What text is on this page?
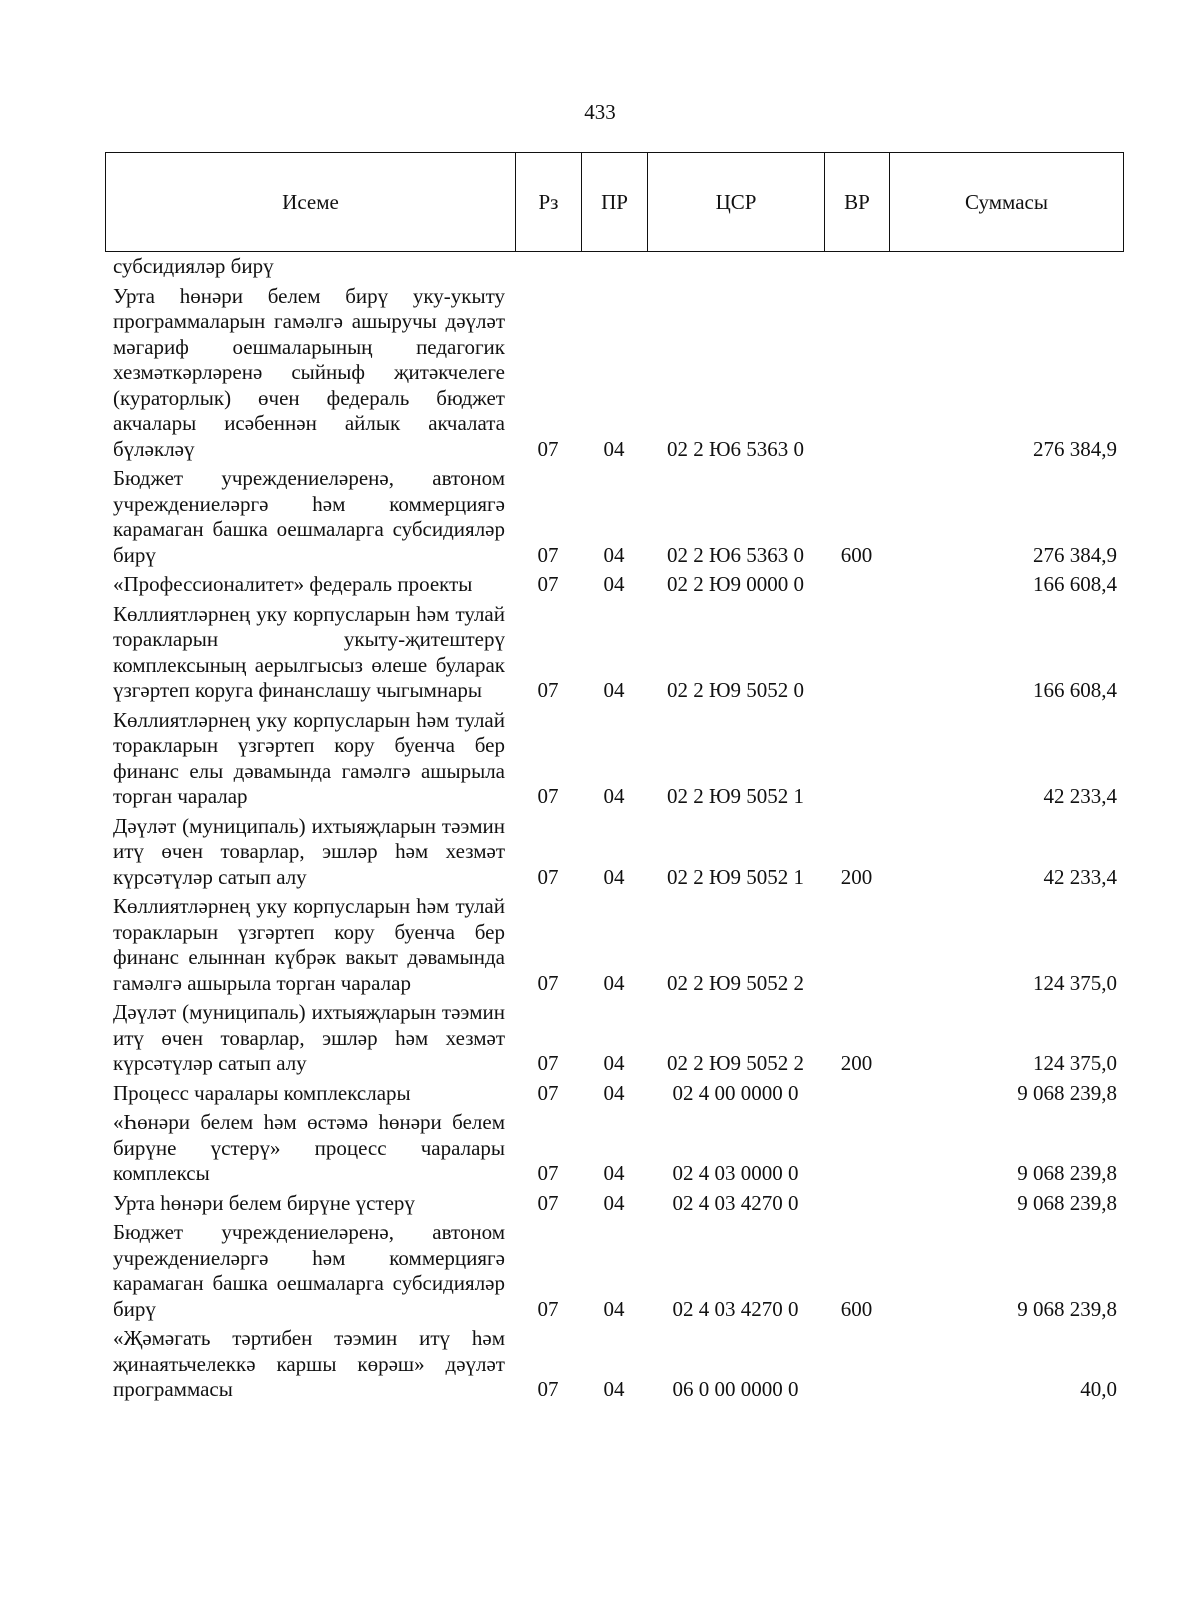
433
Исеме	Рз	ПР	ЦСР	ВР	Суммасы
субсидияләр бирү					
Урта һөнәри белем бирү уку-укыту программаларын гамәлгә ашыручы дәүләт мәгариф оешмаларының педагогик хезмәткәрләренә сыйныф җитәкчелеге (кураторлык) өчен федераль бюджет акчалары исәбеннән айлык акчалата бүләкләү	07	04	02 2 Ю6 5363 0		276 384,9
Бюджет учреждениеләренә, автоном учреждениеләргә һәм коммерциягә карамаган башка оешмаларга субсидияләр бирү	07	04	02 2 Ю6 5363 0	600	276 384,9
«Профессионалитет» федераль проекты	07	04	02 2 Ю9 0000 0		166 608,4
Көллиятләрнең уку корпусларын һәм тулай торакларын укыту-җитештерү комплексының аерылгысыз өлеше буларак үзгәртеп коруга финанслашу чыгымнары	07	04	02 2 Ю9 5052 0		166 608,4
Көллиятләрнең уку корпусларын һәм тулай торакларын үзгәртеп кору буенча бер финанс елы дәвамында гамәлгә ашырыла торган чаралар	07	04	02 2 Ю9 5052 1		42 233,4
Дәүләт (муниципаль) ихтыяҗларын тәэмин итү өчен товарлар, эшләр һәм хезмәт күрсәтүләр сатып алу	07	04	02 2 Ю9 5052 1	200	42 233,4
Көллиятләрнең уку корпусларын һәм тулай торакларын үзгәртеп кору буенча бер финанс елыннан күбрәк вакыт дәвамында гамәлгә ашырыла торган чаралар	07	04	02 2 Ю9 5052 2		124 375,0
Дәүләт (муниципаль) ихтыяҗларын тәэмин итү өчен товарлар, эшләр һәм хезмәт күрсәтүләр сатып алу	07	04	02 2 Ю9 5052 2	200	124 375,0
Процесс чаралары комплекслары	07	04	02 4 00 0000 0		9 068 239,8
«Һөнәри белем һәм өстәмә һөнәри белем бирүне үстерү» процесс чаралары комплексы	07	04	02 4 03 0000 0		9 068 239,8
Урта һөнәри белем бирүне үстерү	07	04	02 4 03 4270 0		9 068 239,8
Бюджет учреждениеләренә, автоном учреждениеләргә һәм коммерциягә карамаган башка оешмаларга субсидияләр бирү	07	04	02 4 03 4270 0	600	9 068 239,8
«Җәмәгать тәртибен тәэмин итү һәм җинаятьчелеккә каршы көрәш» дәүләт программасы	07	04	06 0 00 0000 0		40,0
